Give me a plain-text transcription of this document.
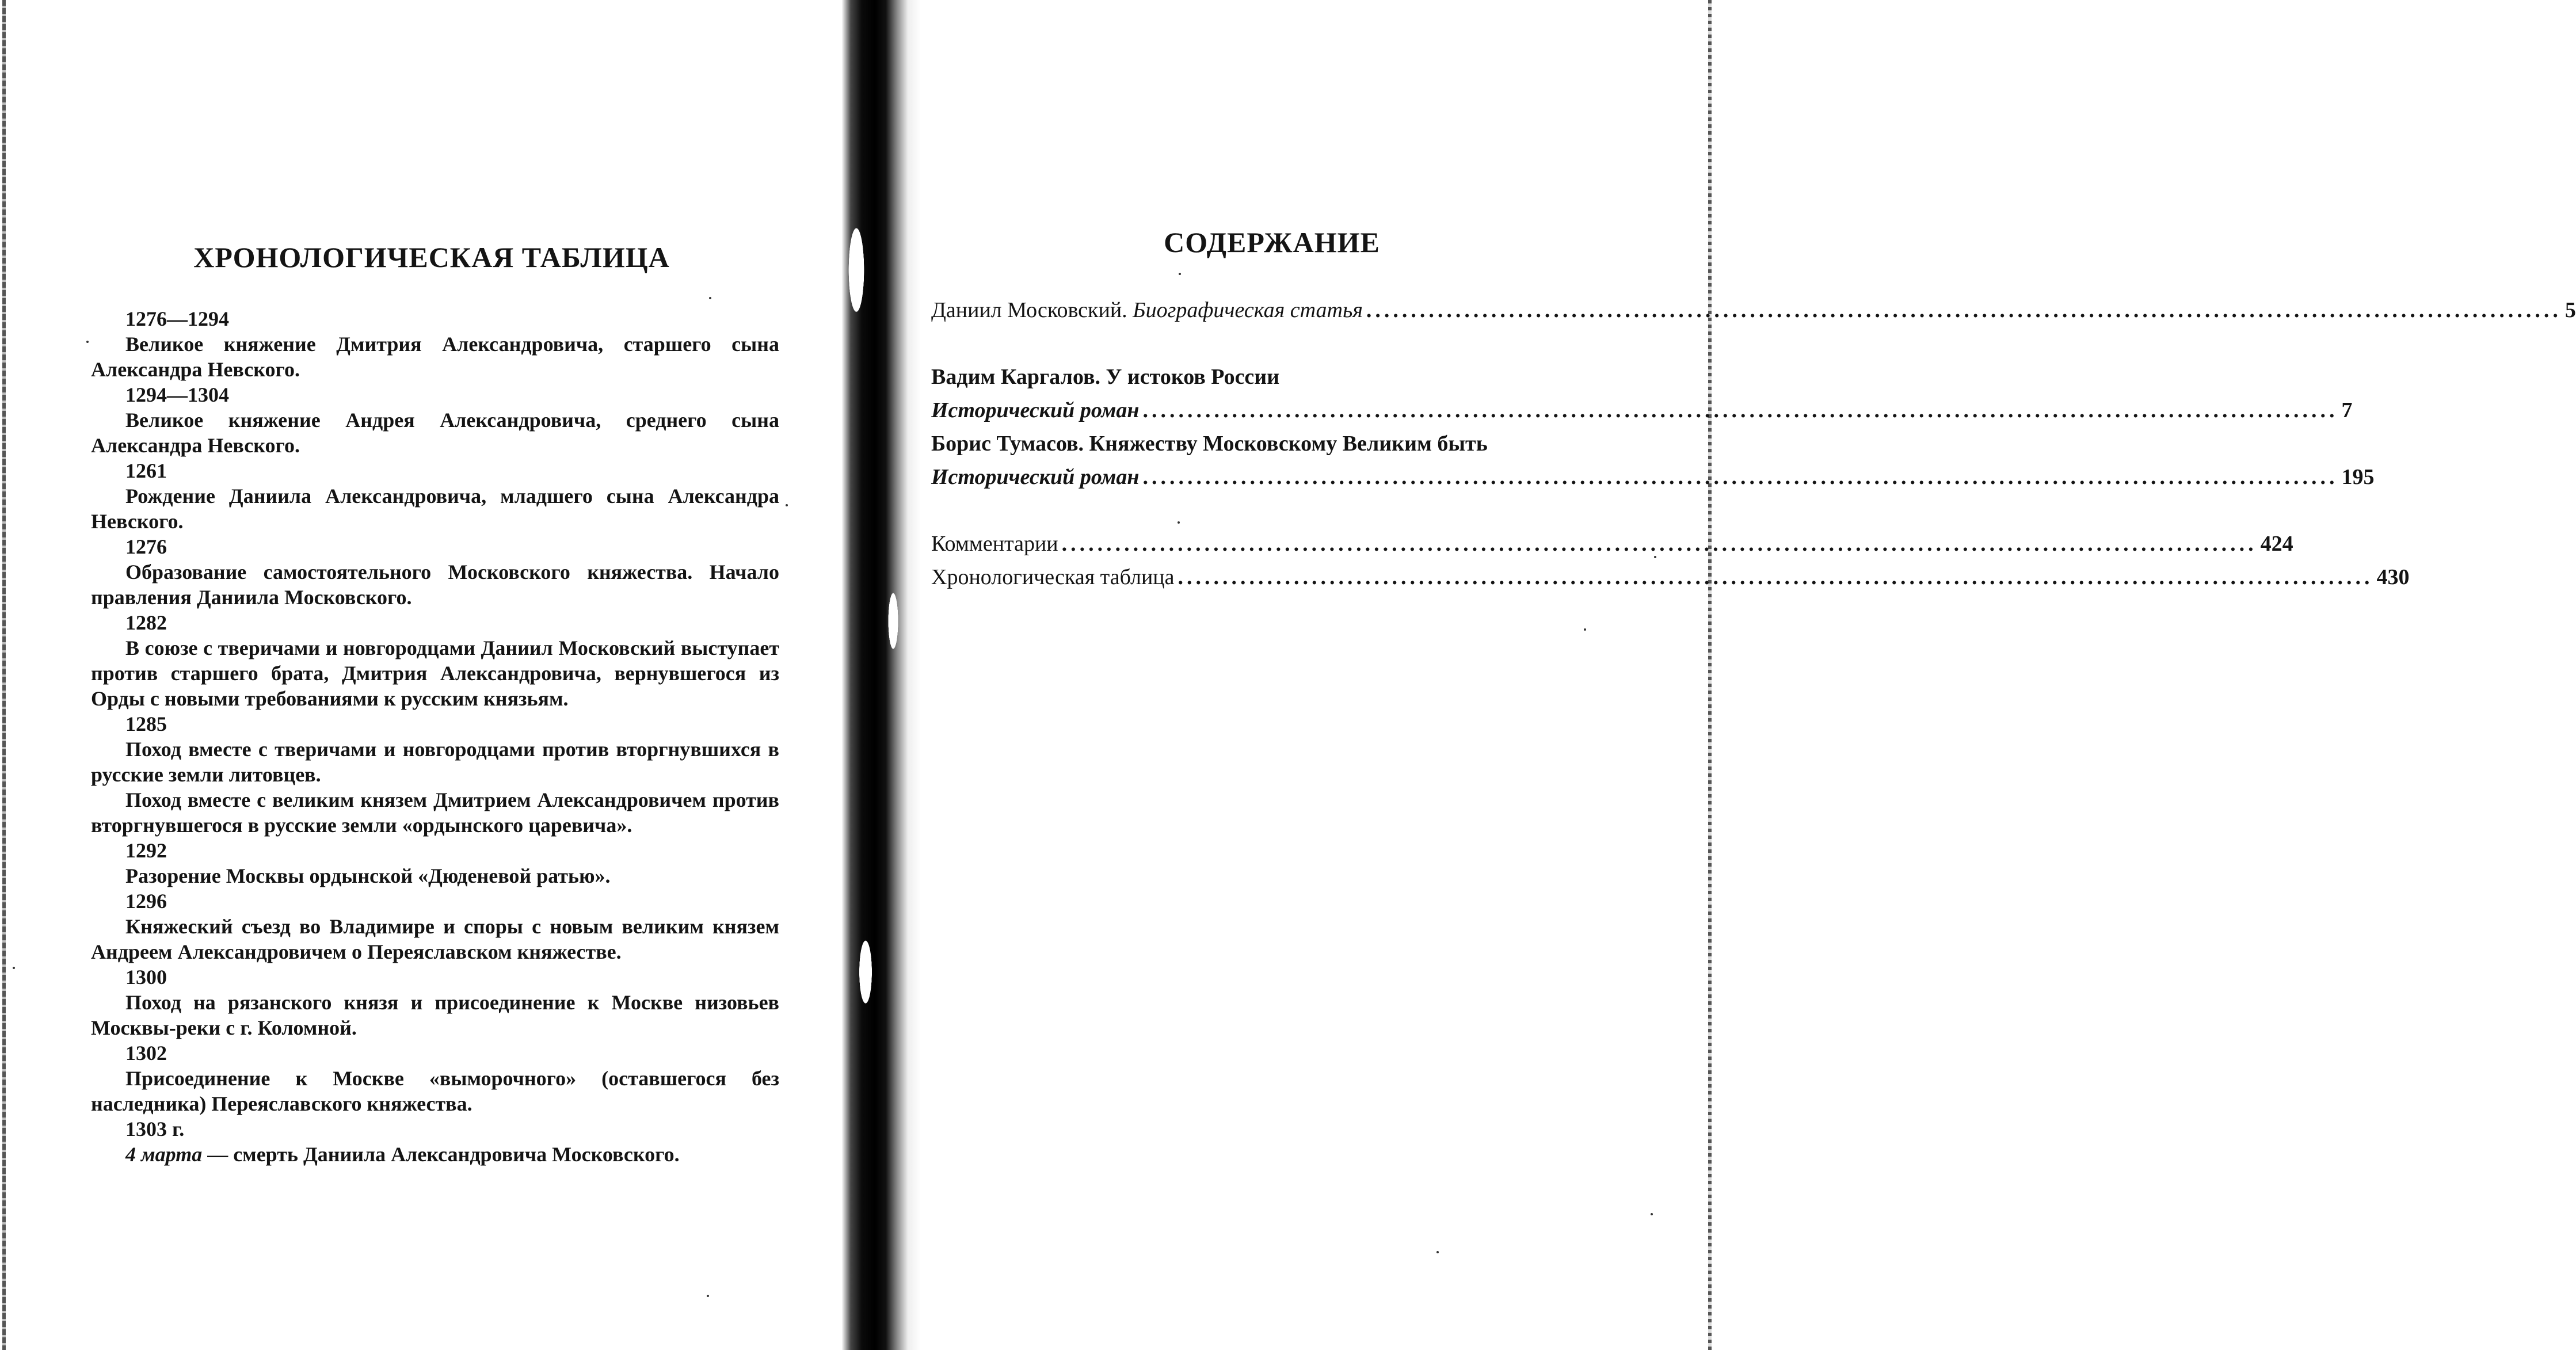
ХРОНОЛОГИЧЕСКАЯ ТАБЛИЦА
1276—1294
Великое княжение Дмитрия Александровича, старшего сына Александра Невского.
1294—1304
Великое княжение Андрея Александровича, среднего сына Александра Невского.
1261
Рождение Даниила Александровича, младшего сына Александра Невского.
1276
Образование самостоятельного Московского княжества. Начало правления Даниила Московского.
1282
В союзе с тверичами и новгородцами Даниил Московский выступает против старшего брата, Дмитрия Александровича, вернувшегося из Орды с новыми требованиями к русским князьям.
1285
Поход вместе с тверичами и новгородцами против вторгнувшихся в русские земли литовцев.
Поход вместе с великим князем Дмитрием Александровичем против вторгнувшегося в русские земли «ордынского царевича».
1292
Разорение Москвы ордынской «Дюденевой ратью».
1296
Княжеский съезд во Владимире и споры с новым великим князем Андреем Александровичем о Переяславском княжестве.
1300
Поход на рязанского князя и присоединение к Москве низовьев Москвы-реки с г. Коломной.
1302
Присоединение к Москве «выморочного» (оставшегося без наследника) Переяславского княжества.
1303 г.
4 марта — смерть Даниила Александровича Московского.
СОДЕРЖАНИЕ
Даниил Московский.
Биографическая статья ...................................................................................................................................... 5
Вадим Каргалов. У истоков России
Исторический роман ...................................................................................................................................... 7
Борис Тумасов. Княжеству Московскому Великим быть
Исторический роман ...................................................................................................................................... 195
Комментарии ...................................................................................................................................... 424
Хронологическая таблица ...................................................................................................................................... 430
